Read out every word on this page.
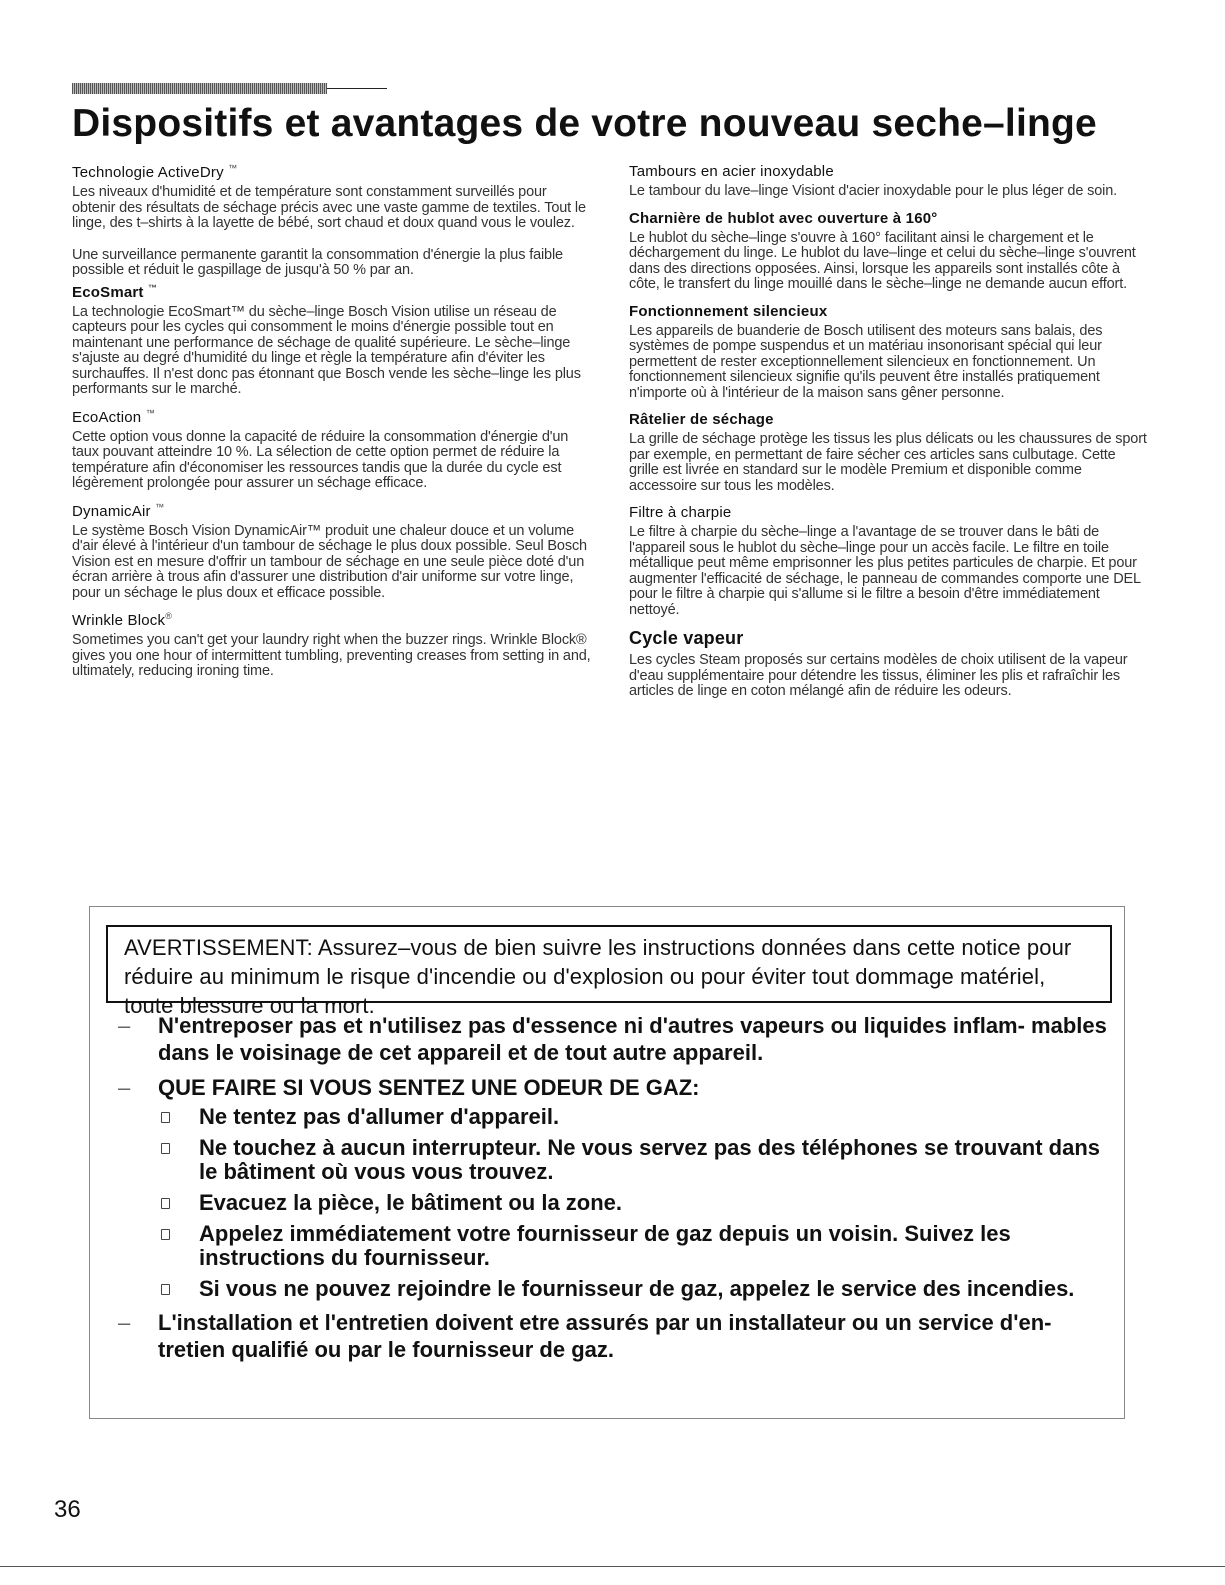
Dispositifs et avantages de votre nouveau seche–linge
Technologie ActiveDry ™

Les niveaux d'humidité et de température sont constamment surveillés pour obtenir des résultats de séchage précis avec une vaste gamme de textiles. Tout le linge, des t–shirts à la layette de bébé, sort chaud et doux quand vous le voulez.

Une surveillance permanente garantit la consommation d'énergie la plus faible possible et réduit le gaspillage de jusqu'à 50 % par an.

EcoSmart ™

La technologie EcoSmart™ du sèche–linge Bosch Vision utilise un réseau de capteurs pour les cycles qui consomment le moins d'énergie possible tout en maintenant une performance de séchage de qualité supérieure. Le sèche–linge s'ajuste au degré d'humidité du linge et règle la température afin d'éviter les surchauffes. Il n'est donc pas étonnant que Bosch vende les sèche–linge les plus performants sur le marché.

EcoAction ™

Cette option vous donne la capacité de réduire la consommation d'énergie d'un taux pouvant atteindre 10 %. La sélection de cette option permet de réduire la température afin d'économiser les ressources tandis que la durée du cycle est légèrement prolongée pour assurer un séchage efficace.

DynamicAir ™

Le système Bosch Vision DynamicAir™ produit une chaleur douce et un volume d'air élevé à l'intérieur d'un tambour de séchage le plus doux possible. Seul Bosch Vision est en mesure d'offrir un tambour de séchage en une seule pièce doté d'un écran arrière à trous afin d'assurer une distribution d'air uniforme sur votre linge, pour un séchage le plus doux et efficace possible.

Wrinkle Block®

Sometimes you can't get your laundry right when the buzzer rings. Wrinkle Block® gives you one hour of intermittent tumbling, preventing creases from setting in and, ultimately, reducing ironing time.

Tambours en acier inoxydable

Le tambour du lave–linge Visiont d'acier inoxydable pour le plus léger de soin.

Charnière de hublot avec ouverture à 160°

Le hublot du sèche–linge s'ouvre à 160° facilitant ainsi le chargement et le déchargement du linge. Le hublot du lave–linge et celui du sèche–linge s'ouvrent dans des directions opposées. Ainsi, lorsque les appareils sont installés côte à côte, le transfert du linge mouillé dans le sèche–linge ne demande aucun effort.

Fonctionnement silencieux

Les appareils de buanderie de Bosch utilisent des moteurs sans balais, des systèmes de pompe suspendus et un matériau insonorisant spécial qui leur permettent de rester exceptionnellement silencieux en fonctionnement. Un fonctionnement silencieux signifie qu'ils peuvent être installés pratiquement n'importe où à l'intérieur de la maison sans gêner personne.

Râtelier de séchage

La grille de séchage protège les tissus les plus délicats ou les chaussures de sport par exemple, en permettant de faire sécher ces articles sans culbutage. Cette grille est livrée en standard sur le modèle Premium et disponible comme accessoire sur tous les modèles.

Filtre à charpie

Le filtre à charpie du sèche–linge a l'avantage de se trouver dans le bâti de l'appareil sous le hublot du sèche–linge pour un accès facile. Le filtre en toile métallique peut même emprisonner les plus petites particules de charpie. Et pour augmenter l'efficacité de séchage, le panneau de commandes comporte une DEL pour le filtre à charpie qui s'allume si le filtre a besoin d'être immédiatement nettoyé.

Cycle vapeur

Les cycles Steam proposés sur certains modèles de choix utilisent de la vapeur d'eau supplémentaire pour détendre les tissus, éliminer les plis et rafraîchir les articles de linge en coton mélangé afin de réduire les odeurs.

AVERTISSEMENT: Assurez–vous de bien suivre les instructions données dans cette notice pour réduire au minimum le risque d'incendie ou d'explosion ou pour éviter tout dommage matériel, toute blessure ou la mort.

– N'entreposer pas et n'utilisez pas d'essence ni d'autres vapeurs ou liquides inflam- mables dans le voisinage de cet appareil et de tout autre appareil.
– QUE FAIRE SI VOUS SENTEZ UNE ODEUR DE GAZ:
Ne tentez pas d'allumer d'appareil.
Ne touchez à aucun interrupteur. Ne vous servez pas des téléphones se trouvant dans le bâtiment où vous vous trouvez.
Evacuez la pièce, le bâtiment ou la zone.
Appelez immédiatement votre fournisseur de gaz depuis un voisin. Suivez les instructions du fournisseur.
Si vous ne pouvez rejoindre le fournisseur de gaz, appelez le service des incendies.
– L'installation et l'entretien doivent etre assurés par un installateur ou un service d'en- tretien qualifié ou par le fournisseur de gaz.

36
